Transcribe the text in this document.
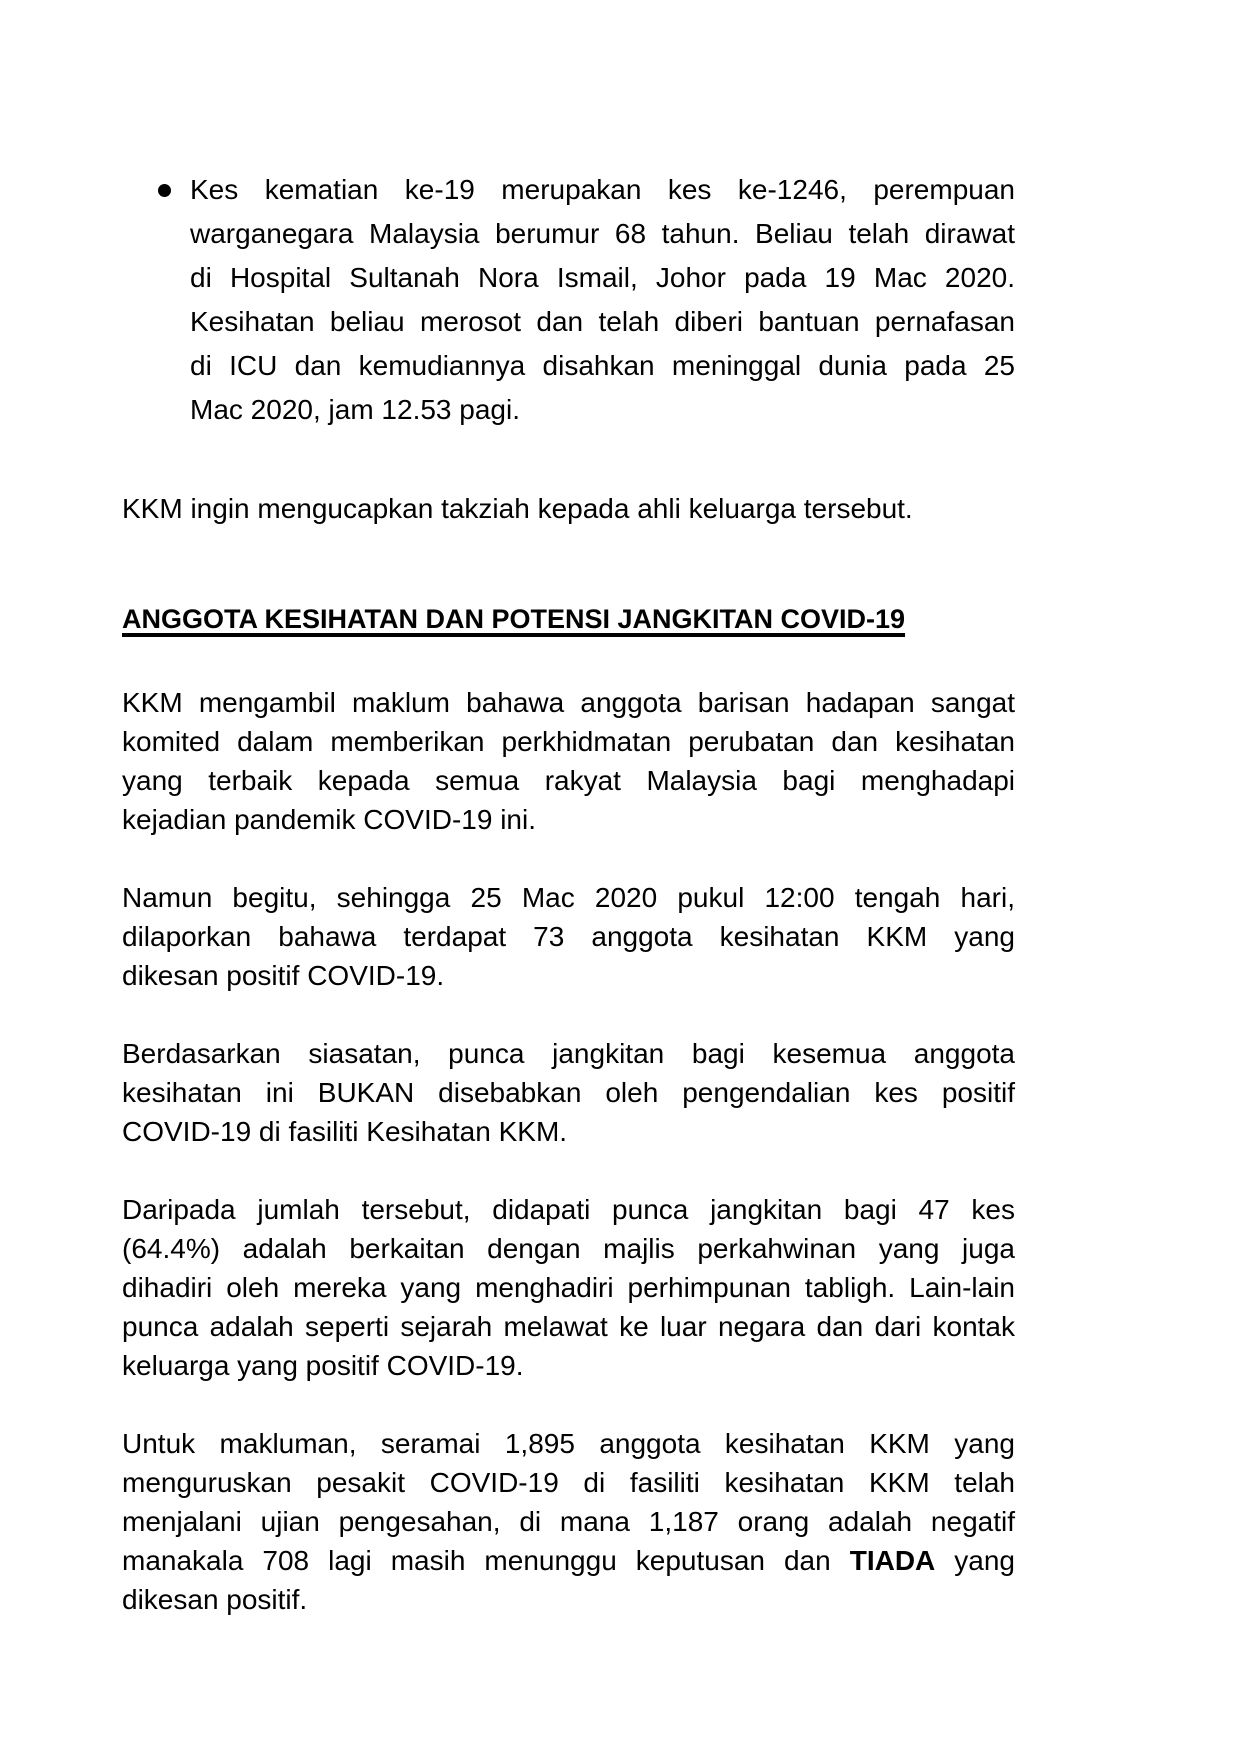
Kes kematian ke-19 merupakan kes ke-1246, perempuan
warganegara Malaysia berumur 68 tahun. Beliau telah dirawat
di Hospital Sultanah Nora Ismail, Johor pada 19 Mac 2020.
Kesihatan beliau merosot dan telah diberi bantuan pernafasan
di ICU dan kemudiannya disahkan meninggal dunia pada 25
Mac 2020, jam 12.53 pagi.
KKM ingin mengucapkan takziah kepada ahli keluarga tersebut.
ANGGOTA KESIHATAN DAN POTENSI JANGKITAN COVID-19
KKM mengambil maklum bahawa anggota barisan hadapan sangat
komited dalam memberikan perkhidmatan perubatan dan kesihatan
yang terbaik kepada semua rakyat Malaysia bagi menghadapi
kejadian pandemik COVID-19 ini.
Namun begitu, sehingga 25 Mac 2020 pukul 12:00 tengah hari,
dilaporkan bahawa terdapat 73 anggota kesihatan KKM yang
dikesan positif COVID-19.
Berdasarkan siasatan, punca jangkitan bagi kesemua anggota
kesihatan ini BUKAN disebabkan oleh pengendalian kes positif
COVID-19 di fasiliti Kesihatan KKM.
Daripada jumlah tersebut, didapati punca jangkitan bagi 47 kes
(64.4%) adalah berkaitan dengan majlis perkahwinan yang juga
dihadiri oleh mereka yang menghadiri perhimpunan tabligh. Lain-lain
punca adalah seperti sejarah melawat ke luar negara dan dari kontak
keluarga yang positif COVID-19.
Untuk makluman, seramai 1,895 anggota kesihatan KKM yang
menguruskan pesakit COVID-19 di fasiliti kesihatan KKM telah
menjalani ujian pengesahan, di mana 1,187 orang adalah negatif
manakala 708 lagi masih menunggu keputusan dan TIADA yang
dikesan positif.
